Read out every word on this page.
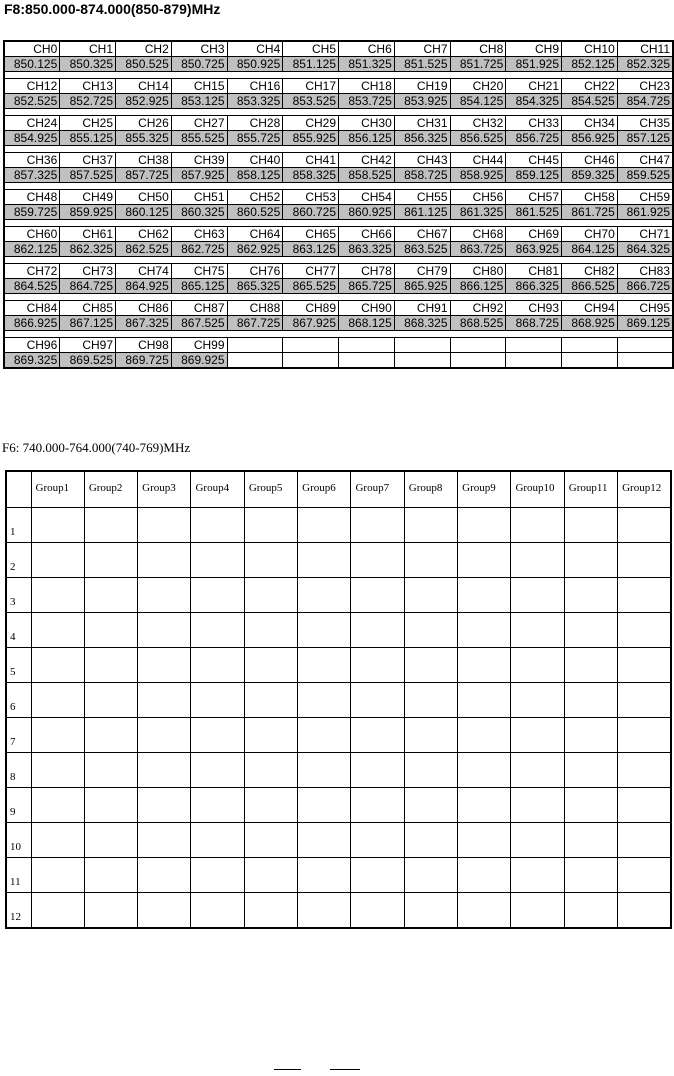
F8:850.000-874.000(850-879)MHz
CH0	CH1	CH2	CH3	CH4	CH5	CH6	CH7	CH8	CH9	CH10	CH11
850.125	850.325	850.525	850.725	850.925	851.125	851.325	851.525	851.725	851.925	852.125	852.325

CH12	CH13	CH14	CH15	CH16	CH17	CH18	CH19	CH20	CH21	CH22	CH23
852.525	852.725	852.925	853.125	853.325	853.525	853.725	853.925	854.125	854.325	854.525	854.725

CH24	CH25	CH26	CH27	CH28	CH29	CH30	CH31	CH32	CH33	CH34	CH35
854.925	855.125	855.325	855.525	855.725	855.925	856.125	856.325	856.525	856.725	856.925	857.125

CH36	CH37	CH38	CH39	CH40	CH41	CH42	CH43	CH44	CH45	CH46	CH47
857.325	857.525	857.725	857.925	858.125	858.325	858.525	858.725	858.925	859.125	859.325	859.525

CH48	CH49	CH50	CH51	CH52	CH53	CH54	CH55	CH56	CH57	CH58	CH59
859.725	859.925	860.125	860.325	860.525	860.725	860.925	861.125	861.325	861.525	861.725	861.925

CH60	CH61	CH62	CH63	CH64	CH65	CH66	CH67	CH68	CH69	CH70	CH71
862.125	862.325	862.525	862.725	862.925	863.125	863.325	863.525	863.725	863.925	864.125	864.325

CH72	CH73	CH74	CH75	CH76	CH77	CH78	CH79	CH80	CH81	CH82	CH83
864.525	864.725	864.925	865.125	865.325	865.525	865.725	865.925	866.125	866.325	866.525	866.725

CH84	CH85	CH86	CH87	CH88	CH89	CH90	CH91	CH92	CH93	CH94	CH95
866.925	867.125	867.325	867.525	867.725	867.925	868.125	868.325	868.525	868.725	868.925	869.125

CH96	CH97	CH98	CH99								
869.325	869.525	869.725	869.925								
F6: 740.000-764.000(740-769)MHz
	Group1	Group2	Group3	Group4	Group5	Group6	Group7	Group8	Group9	Group10	Group11	Group12
1												
2												
3												
4												
5												
6												
7												
8												
9												
10												
11												
12												
